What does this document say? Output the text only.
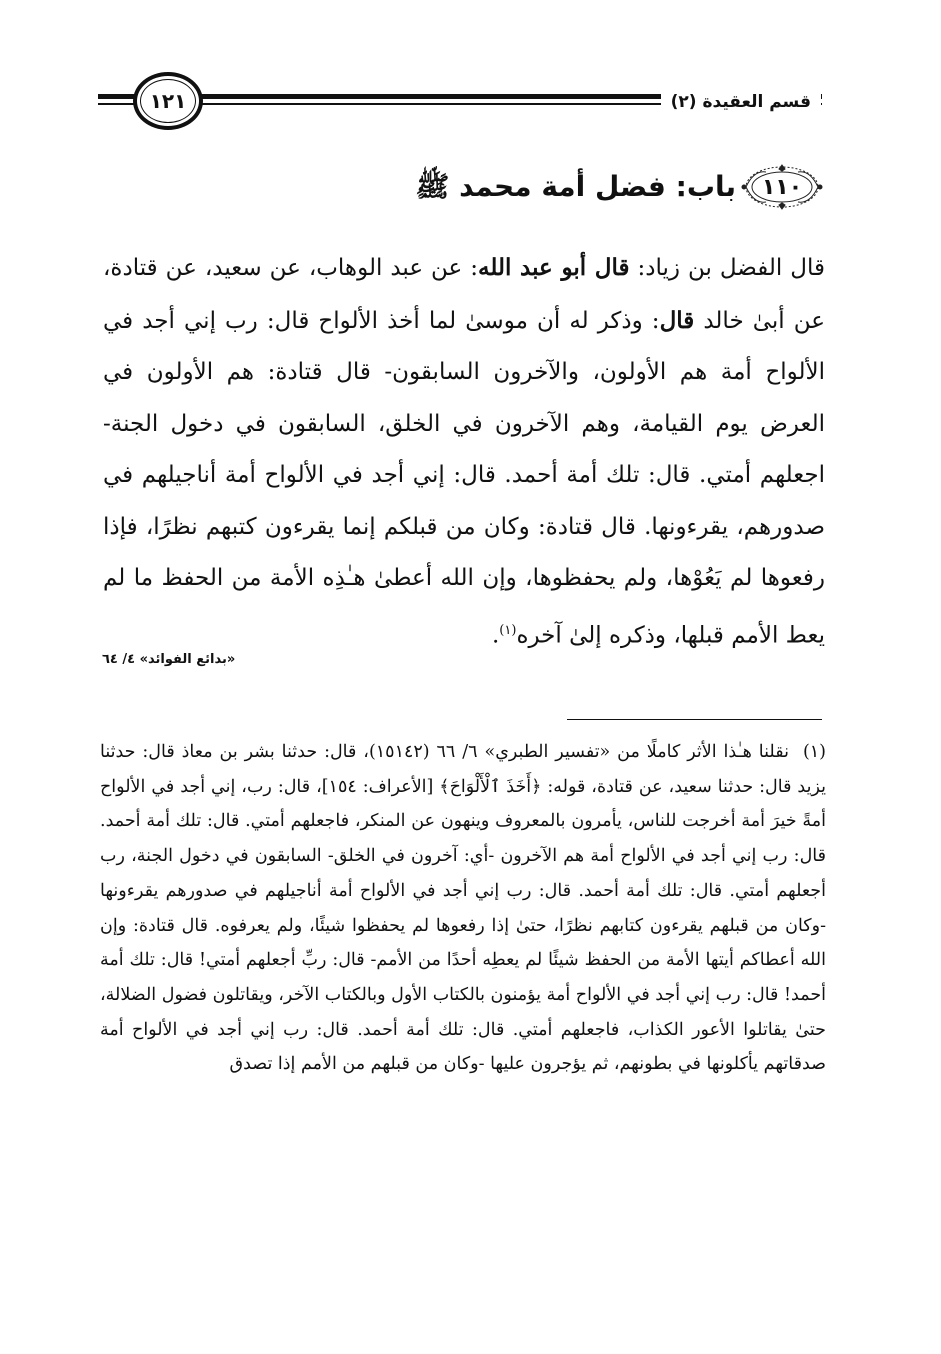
قسم العقيدة (٢)
١٢١
١١٠
باب: فضل أمة محمد ﷺ
قال الفضل بن زياد: قال أبو عبد الله: عن عبد الوهاب، عن سعيد، عن قتادة، عن أبىٰ خالد قال: وذكر له أن موسىٰ لما أخذ الألواح قال: رب إني أجد في الألواح أمة هم الأولون، والآخرون السابقون- قال قتادة: هم الأولون في العرض يوم القيامة، وهم الآخرون في الخلق، السابقون في دخول الجنة- اجعلهم أمتي. قال: تلك أمة أحمد. قال: إني أجد في الألواح أمة أناجيلهم في صدورهم، يقرءونها. قال قتادة: وكان من قبلكم إنما يقرءون كتبهم نظرًا، فإذا رفعوها لم يَعُوْها، ولم يحفظوها، وإن الله أعطىٰ هـٰذِه الأمة من الحفظ ما لم يعط الأمم قبلها، وذكره إلىٰ آخره$^{(١)}$.
«بدائع الفوائد» ٤/ ٦٤
(١)نقلنا هـٰذا الأثر كاملًا من «تفسير الطبري» ٦/ ٦٦ (١٥١٤٢)، قال: حدثنا بشر بن معاذ قال: حدثنا يزيد قال: حدثنا سعيد، عن قتادة، قوله: ﴿أَخَذَ ٱلْأَلْوَاحَ﴾ [الأعراف: ١٥٤]، قال: رب، إني أجد في الألواح أمةً خيرَ أمة أخرجت للناس، يأمرون بالمعروف وينهون عن المنكر، فاجعلهم أمتي. قال: تلك أمة أحمد. قال: رب إني أجد في الألواح أمة هم الآخرون -أي: آخرون في الخلق- السابقون في دخول الجنة، رب أجعلهم أمتي. قال: تلك أمة أحمد. قال: رب إني أجد في الألواح أمة أناجيلهم في صدورهم يقرءونها -وكان من قبلهم يقرءون كتابهم نظرًا، حتىٰ إذا رفعوها لم يحفظوا شيئًا، ولم يعرفوه. قال قتادة: وإن الله أعطاكم أيتها الأمة من الحفظ شيئًا لم يعطِه أحدًا من الأمم- قال: ربِّ أجعلهم أمتي! قال: تلك أمة أحمد! قال: رب إني أجد في الألواح أمة يؤمنون بالكتاب الأول وبالكتاب الآخر، ويقاتلون فضول الضلالة، حتىٰ يقاتلوا الأعور الكذاب، فاجعلهم أمتي. قال: تلك أمة أحمد. قال: رب إني أجد في الألواح أمة صدقاتهم يأكلونها في بطونهم، ثم يؤجرون عليها -وكان من قبلهم من الأمم إذا تصدق
